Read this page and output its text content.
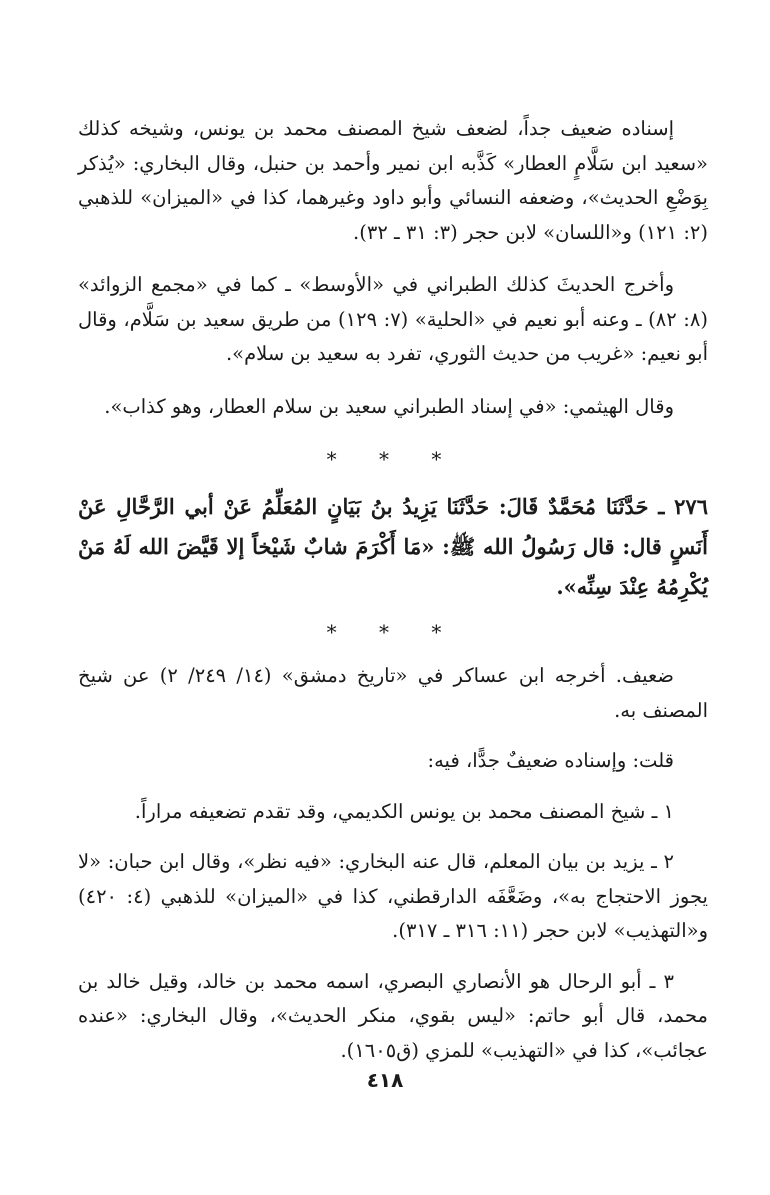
إسناده ضعيف جداً، لضعف شيخ المصنف محمد بن يونس، وشيخه كذلك «سعيد ابن سَلَّامٍ العطار» كَذَّبه ابن نمير وأحمد بن حنبل، وقال البخاري: «يُذكر بِوَضْعِ الحديث»، وضعفه النسائي وأبو داود وغيرهما، كذا في «الميزان» للذهبي (٢: ١٢١) و«اللسان» لابن حجر (٣: ٣١ ـ ٣٢).

وأخرج الحديثَ كذلك الطبراني في «الأوسط» ـ كما في «مجمع الزوائد» (٨: ٨٢) ـ وعنه أبو نعيم في «الحلية» (٧: ١٢٩) من طريق سعيد بن سَلَّام، وقال أبو نعيم: «غريب من حديث الثوري، تفرد به سعيد بن سلام».

وقال الهيثمي: «في إسناد الطبراني سعيد بن سلام العطار، وهو كذاب».

* * *

٢٧٦ ـ حَدَّثَنَا مُحَمَّدٌ قَالَ: حَدَّثَنَا يَزِيدُ بنُ بَيَانٍ المُعَلِّمُ عَنْ أبي الرَّحَّالِ عَنْ أَنَسٍ قال: قال رَسُولُ الله ﷺ: «مَا أَكْرَمَ شابٌ شَيْخاً إلا قَيَّضَ الله لَهُ مَنْ يُكْرِمُهُ عِنْدَ سِنِّه».

* * *

ضعيف. أخرجه ابن عساكر في «تاريخ دمشق» (١٤/ ٢٤٩/ ٢) عن شيخ المصنف به.

قلت: وإسناده ضعيفٌ جدًّا، فيه:

١ ـ شيخ المصنف محمد بن يونس الكديمي، وقد تقدم تضعيفه مراراً.

٢ ـ يزيد بن بيان المعلم، قال عنه البخاري: «فيه نظر»، وقال ابن حبان: «لا يجوز الاحتجاج به»، وضَعَّفَه الدارقطني، كذا في «الميزان» للذهبي (٤: ٤٢٠) و«التهذيب» لابن حجر (١١: ٣١٦ ـ ٣١٧).

٣ ـ أبو الرحال هو الأنصاري البصري، اسمه محمد بن خالد، وقيل خالد بن محمد، قال أبو حاتم: «ليس بقوي، منكر الحديث»، وقال البخاري: «عنده عجائب»، كذا في «التهذيب» للمزي (ق١٦٠٥).

٤١٨
